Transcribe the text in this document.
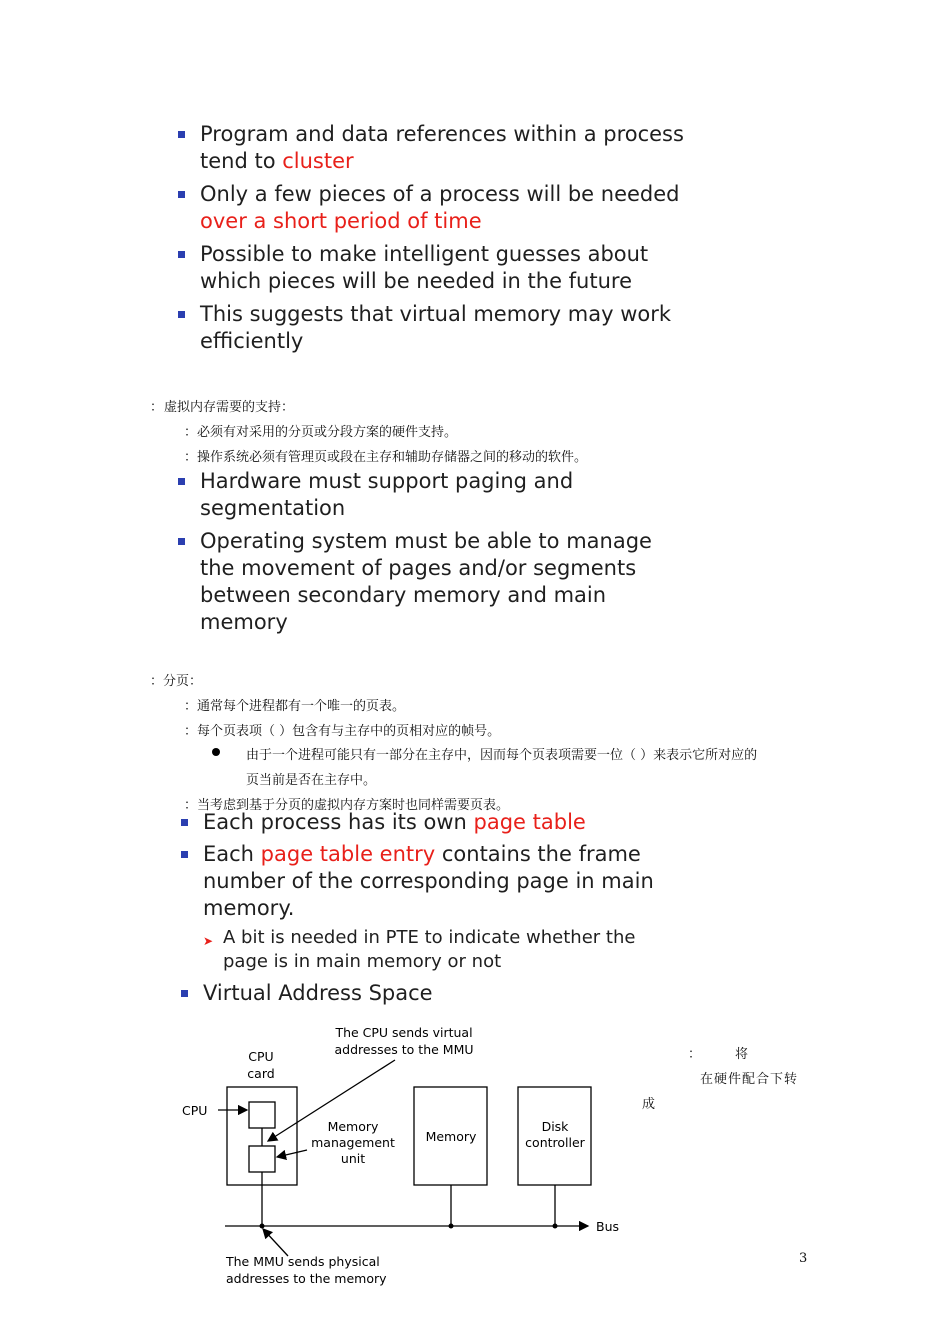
Program and data references within a process
tend to cluster
Only a few pieces of a process will be needed
over a short period of time
Possible to make intelligent guesses about
which pieces will be needed in the future
This suggests that virtual memory may work
efficiently
：虚拟内存需要的支持：
：必须有对采用的分页或分段方案的硬件支持。
：操作系统必须有管理页或段在主存和辅助存储器之间的移动的软件。
Hardware must support paging and
segmentation
Operating system must be able to manage
the movement of pages and/or segments
between secondary memory and main
memory
：分页：
：通常每个进程都有一个唯一的页表。
：每个页表项（ ）包含有与主存中的页相对应的帧号。
由于一个进程可能只有一部分在主存中，因而每个页表项需要一位（ ）来表示它所对应的
页当前是否在主存中。
：当考虑到基于分页的虚拟内存方案时也同样需要页表。
Each process has its own page table
Each page table entry contains the frame
number of the corresponding page in main
memory.
➤ A bit is needed in PTE to indicate whether the
page is in main memory or not
Virtual Address Space
CPU
card
CPU
The CPU sends virtual
addresses to the MMU
Memory
management
unit
Memory
Disk
controller
Bus
The MMU sends physical
addresses to the memory
：	将
在硬件配合下转
成
3
